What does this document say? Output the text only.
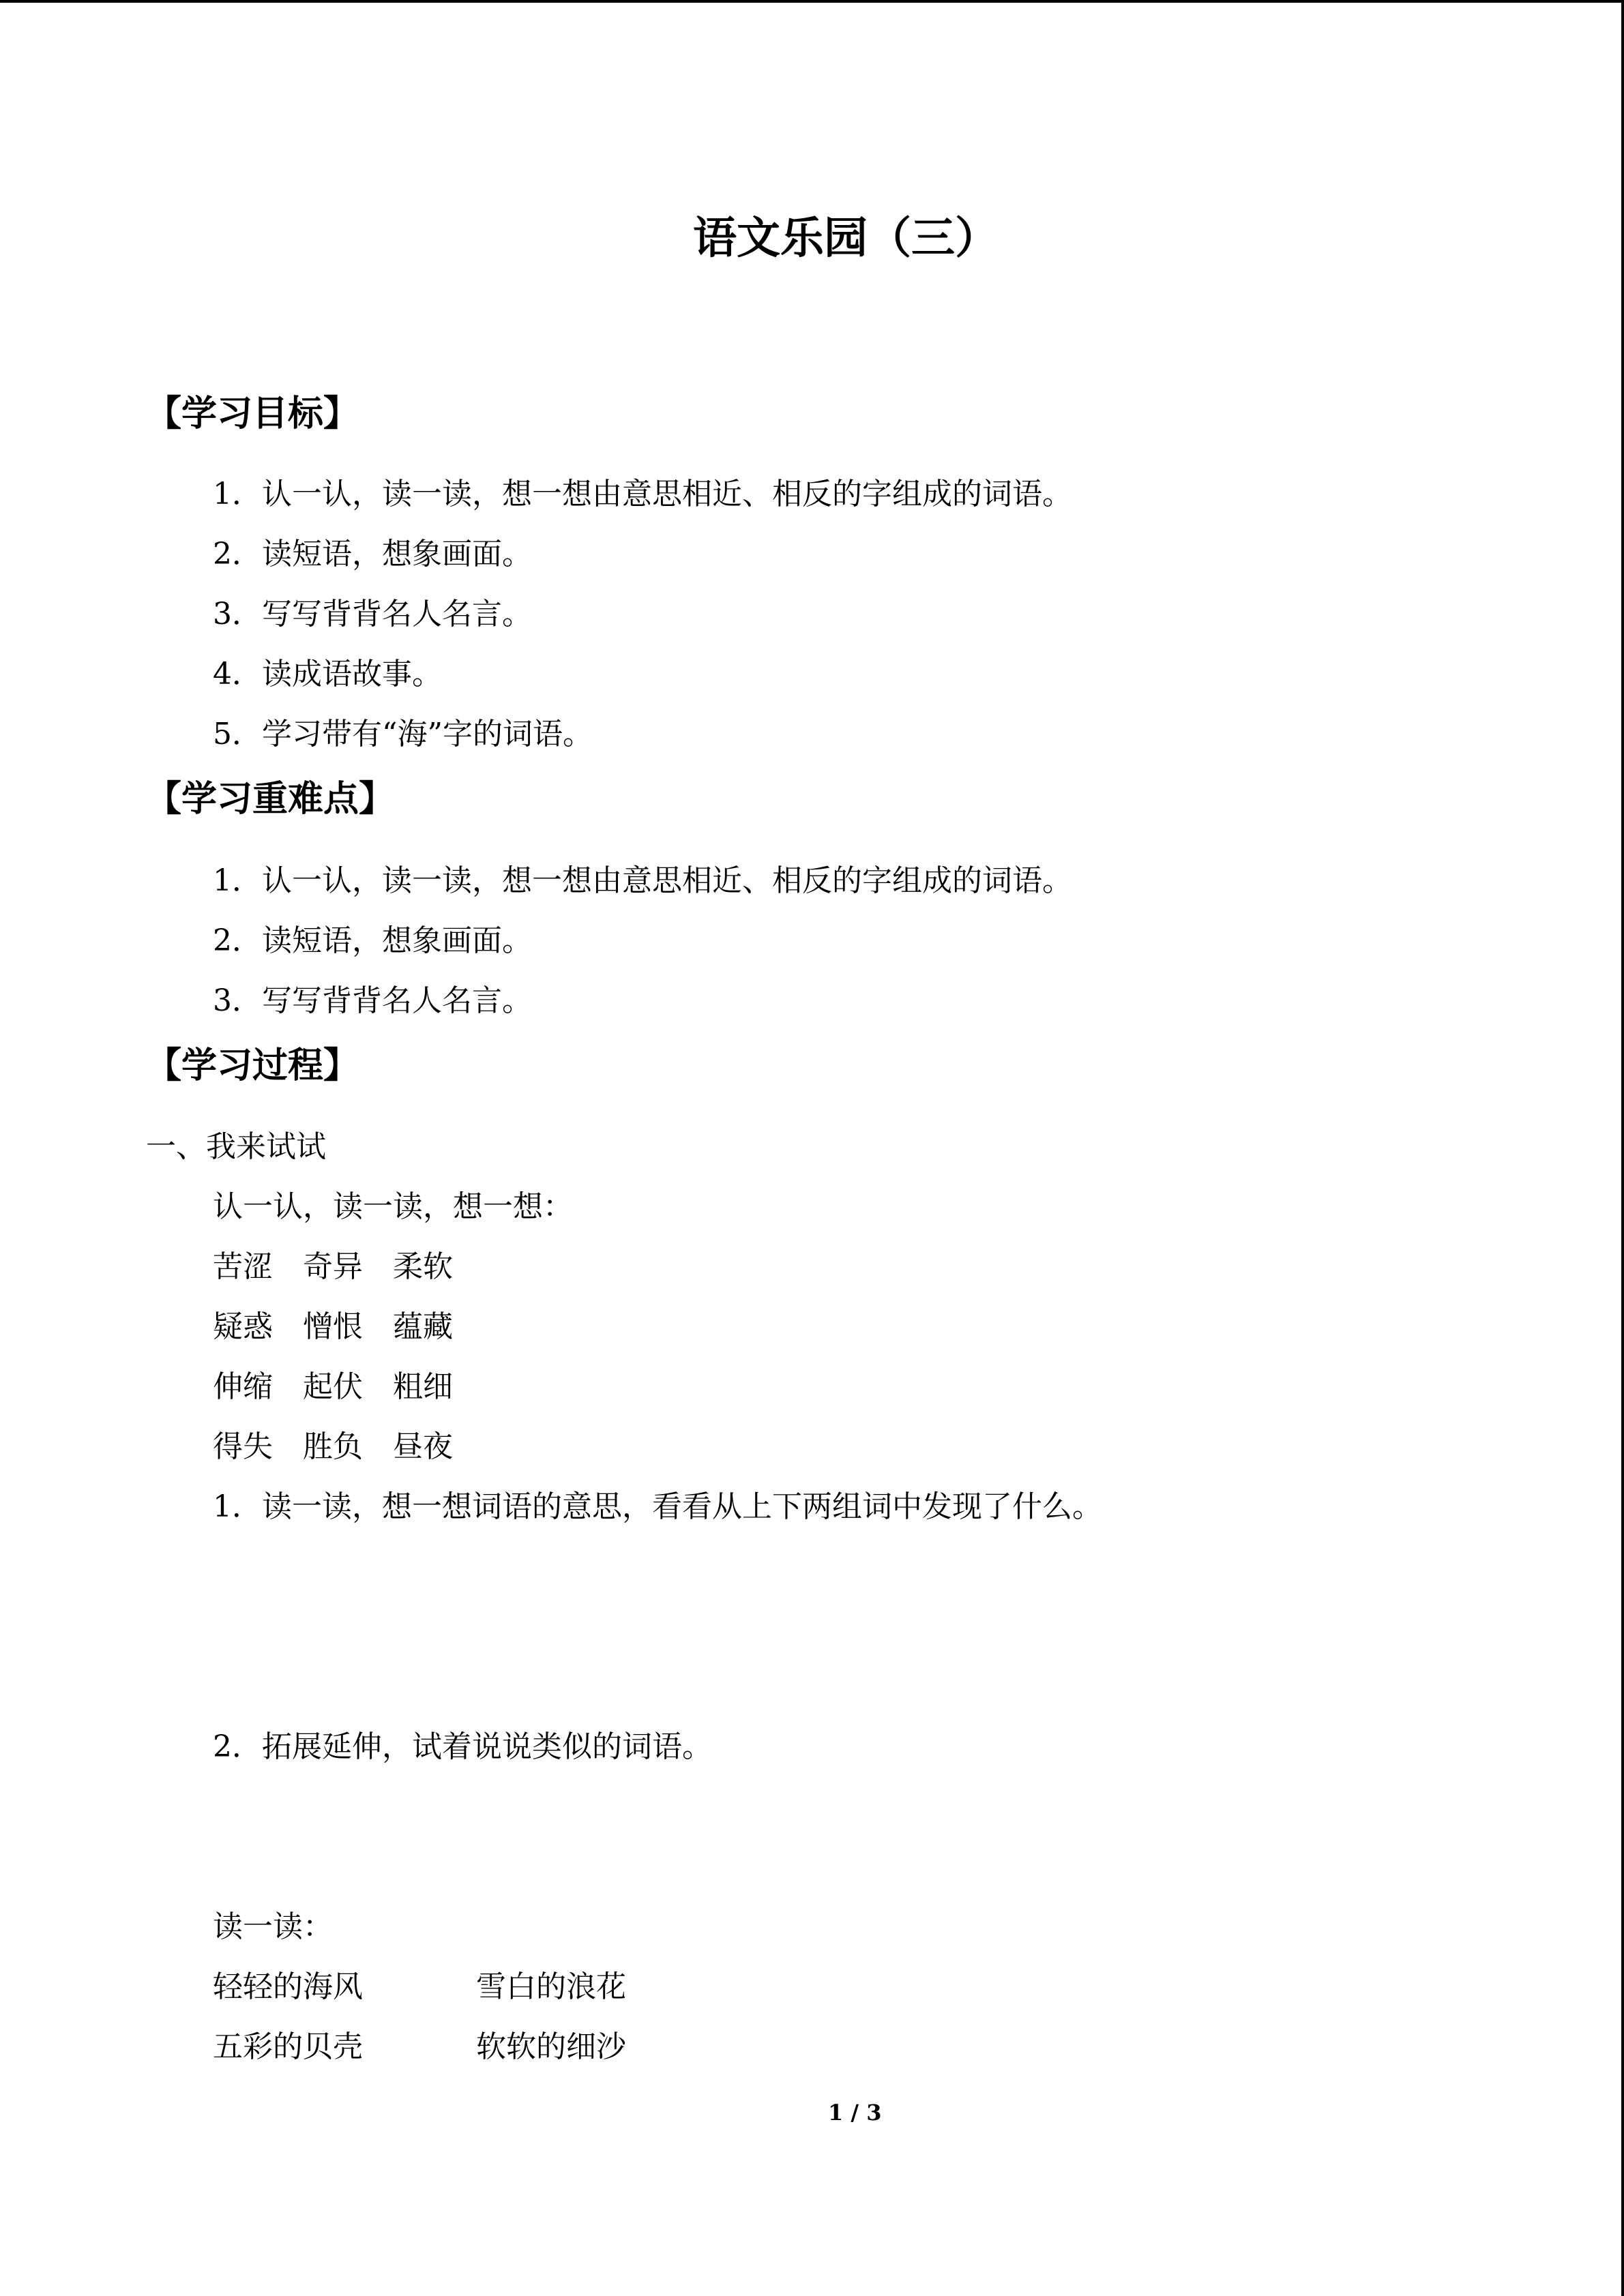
语文乐园（三）
【学习目标】
1．认一认，读一读，想一想由意思相近、相反的字组成的词语。
2．读短语，想象画面。
3．写写背背名人名言。
4．读成语故事。
5．学习带有“海”字的词语。
【学习重难点】
1．认一认，读一读，想一想由意思相近、相反的字组成的词语。
2．读短语，想象画面。
3．写写背背名人名言。
【学习过程】
一、我来试试
认一认，读一读，想一想：
苦涩　奇异　柔软
疑惑　憎恨　蕴藏
伸缩　起伏　粗细
得失　胜负　昼夜
1．读一读，想一想词语的意思，看看从上下两组词中发现了什么。
2．拓展延伸，试着说说类似的词语。
读一读：
轻轻的海风	雪白的浪花
五彩的贝壳	软软的细沙
1 / 3
